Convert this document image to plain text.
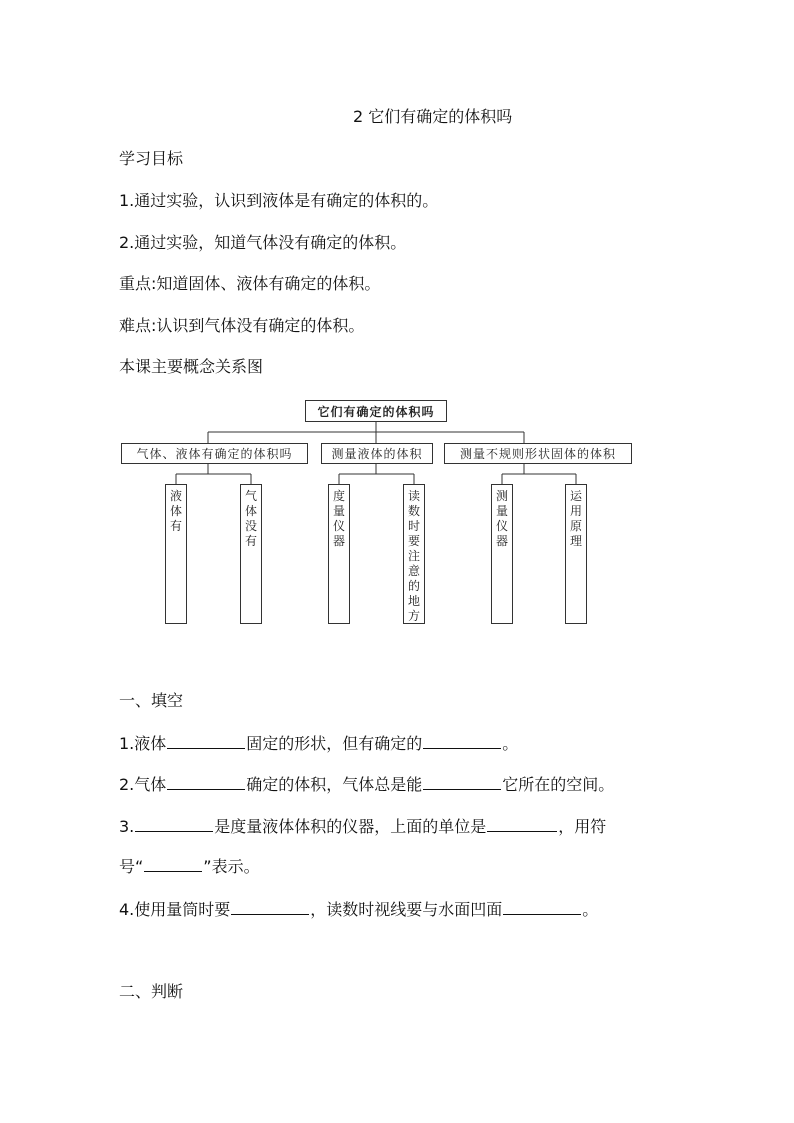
2 它们有确定的体积吗
学习目标
1.通过实验，认识到液体是有确定的体积的。
2.通过实验，知道气体没有确定的体积。
重点:知道固体、液体有确定的体积。
难点:认识到气体没有确定的体积。
本课主要概念关系图
它们有确定的体积吗
气体、液体有确定的体积吗	测量液体的体积	测量不规则形状固体的体积
液
体
有
气
体
没
有
度
量
仪
器
读
数
时
要
注
意
的
地
方
测
量
仪
器
运
用
原
理
一、填空
1.液体	固定的形状，但有确定的	。
2.气体	确定的体积，气体总是能	它所在的空间。
3.	是度量液体体积的仪器，上面的单位是	，用符
号“	”表示。
4.使用量筒时要	，读数时视线要与水面凹面	。
二、判断
